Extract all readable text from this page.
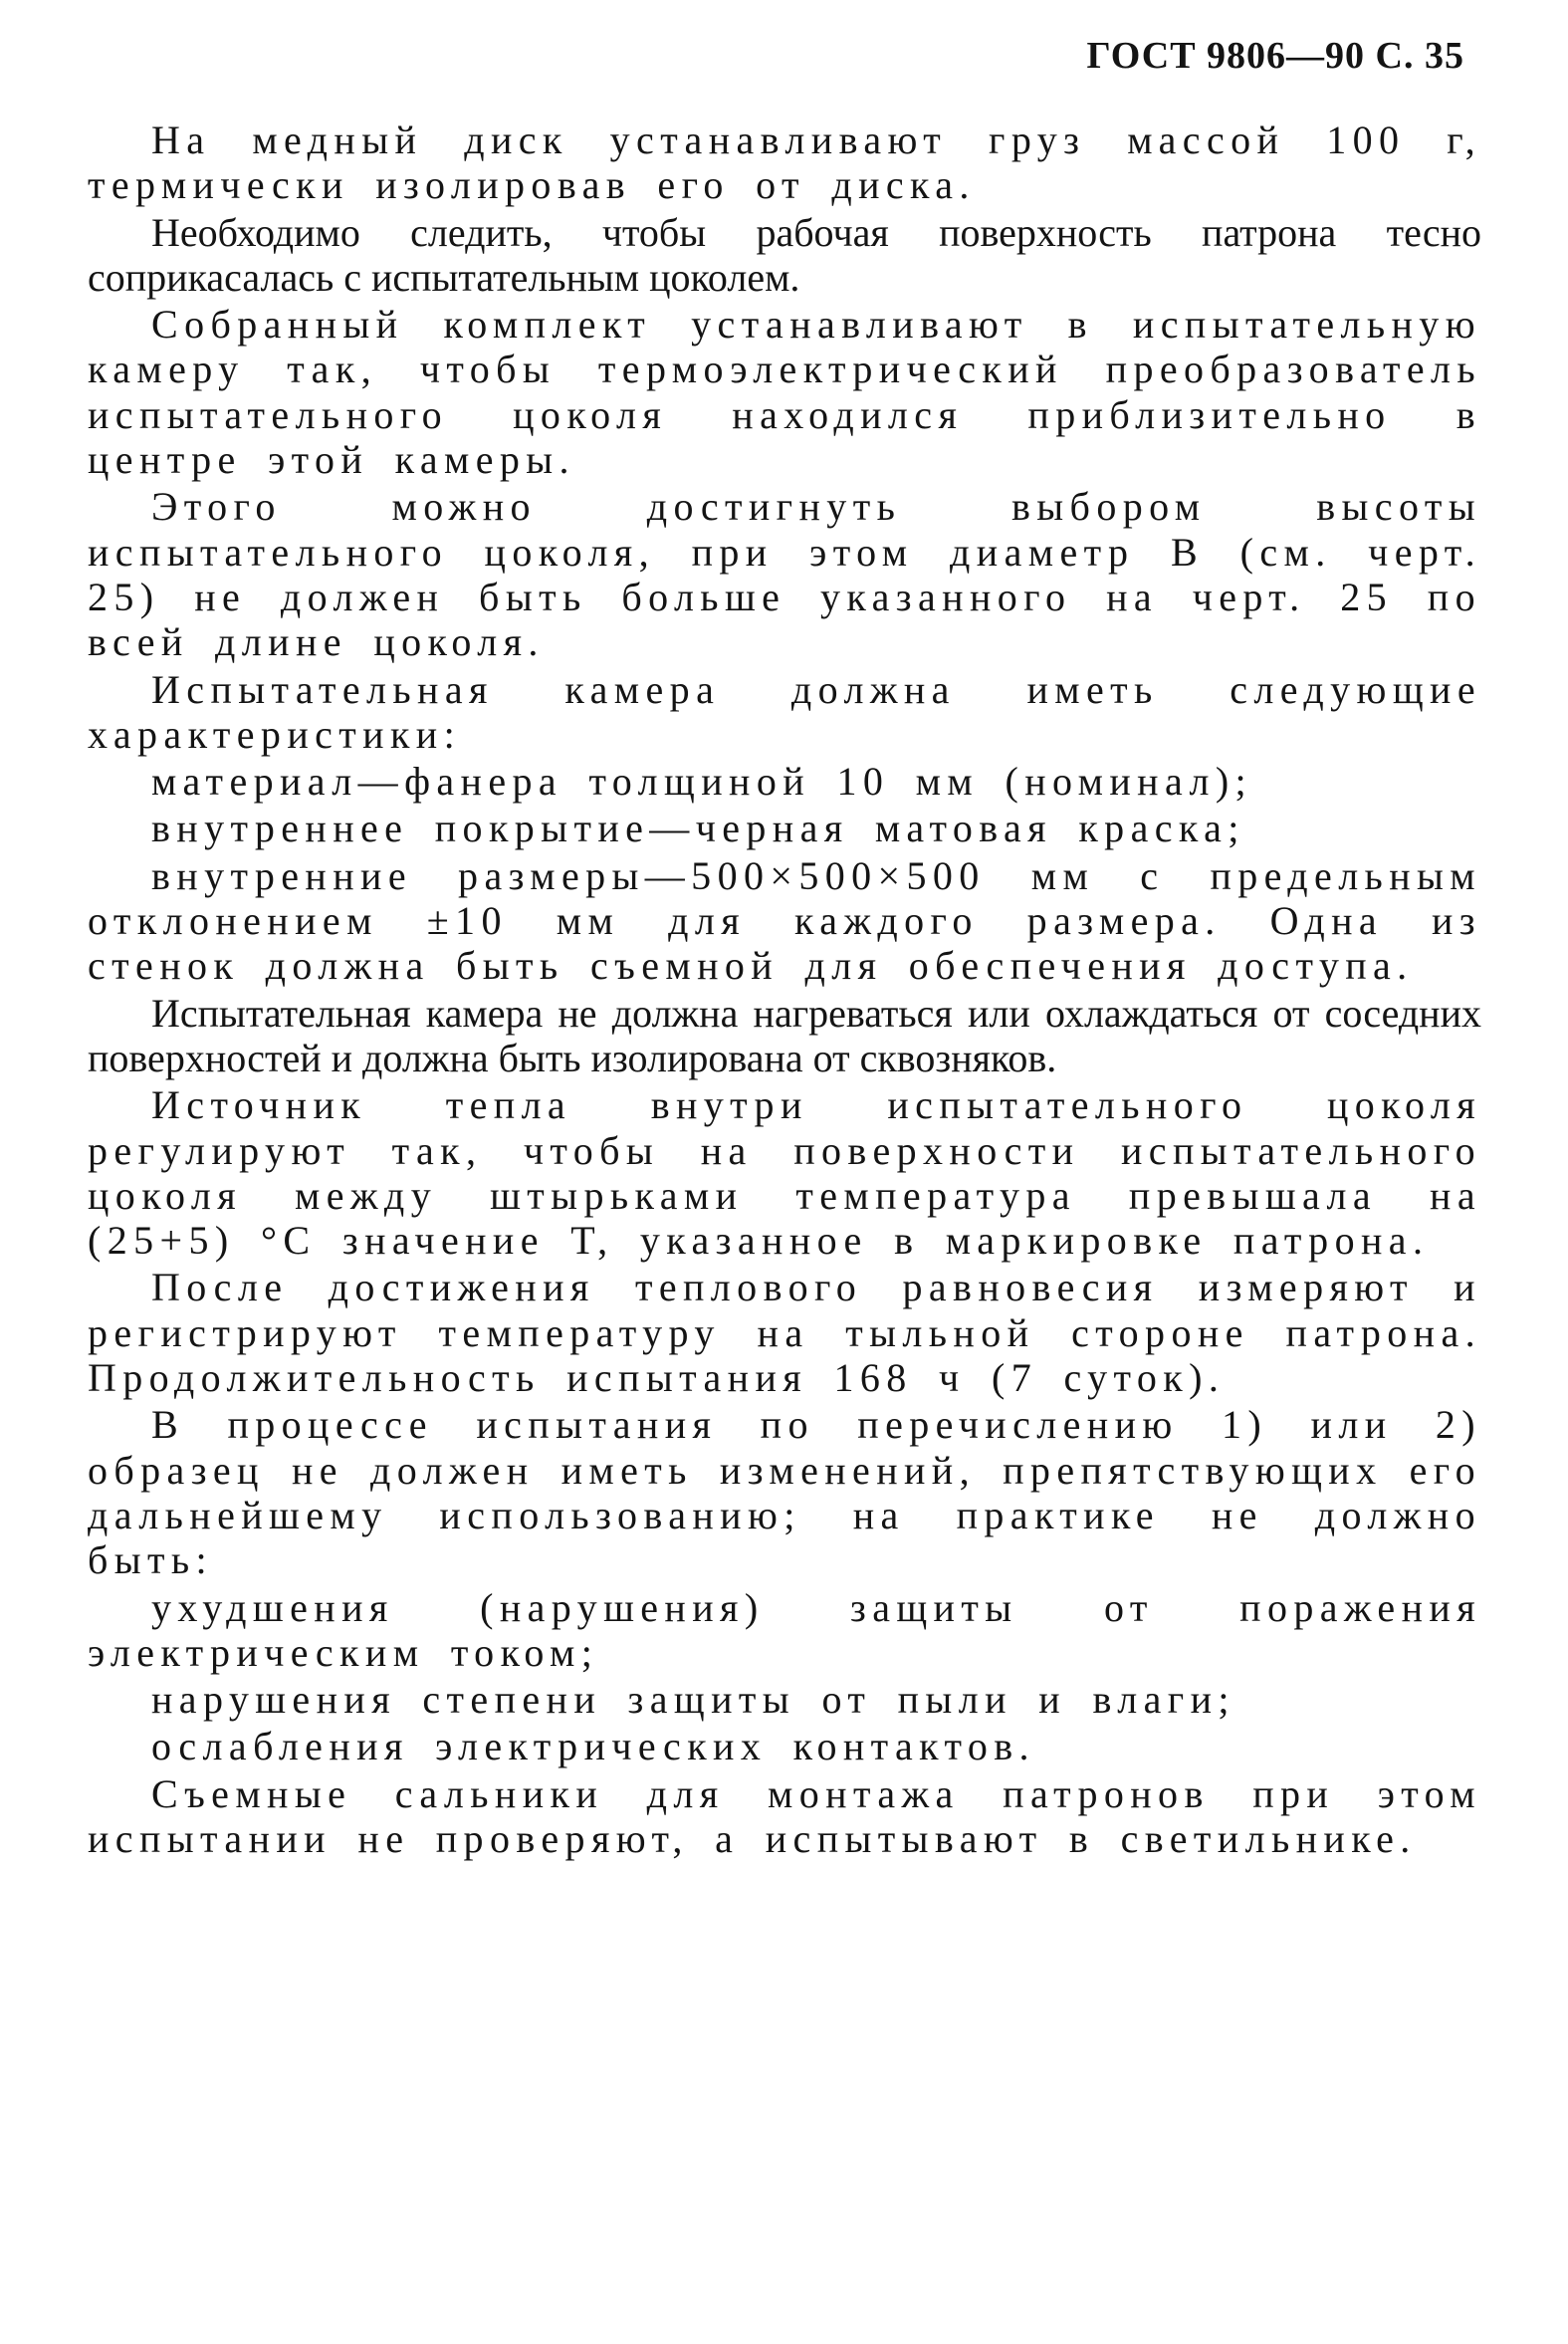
ГОСТ 9806—90 С. 35

На медный диск устанавливают груз массой 100 г, термически изолировав его от диска.

Необходимо следить, чтобы рабочая поверхность патрона тесно соприкасалась с испытательным цоколем.

Собранный комплект устанавливают в испытательную камеру так, чтобы термоэлектрический преобразователь испытательного цоколя находился приблизительно в центре этой камеры.

Этого можно достигнуть выбором высоты испытательного цоколя, при этом диаметр В (см. черт. 25) не должен быть больше указанного на черт. 25 по всей длине цоколя.

Испытательная камера должна иметь следующие характеристики:

материал—фанера толщиной 10 мм (номинал);

внутреннее покрытие—черная матовая краска;

внутренние размеры—500×500×500 мм с предельным отклонением ±10 мм для каждого размера. Одна из стенок должна быть съемной для обеспечения доступа.

Испытательная камера не должна нагреваться или охлаждаться от соседних поверхностей и должна быть изолирована от сквозняков.

Источник тепла внутри испытательного цоколя регулируют так, чтобы на поверхности испытательного цоколя между штырьками температура превышала на (25+5) °С значение Т, указанное в маркировке патрона.

После достижения теплового равновесия измеряют и регистрируют температуру на тыльной стороне патрона. Продолжительность испытания 168 ч (7 суток).

В процессе испытания по перечислению 1) или 2) образец не должен иметь изменений, препятствующих его дальнейшему использованию; на практике не должно быть:

ухудшения (нарушения) защиты от поражения электрическим током;

нарушения степени защиты от пыли и влаги;

ослабления электрических контактов.

Съемные сальники для монтажа патронов при этом испытании не проверяют, а испытывают в светильнике.
